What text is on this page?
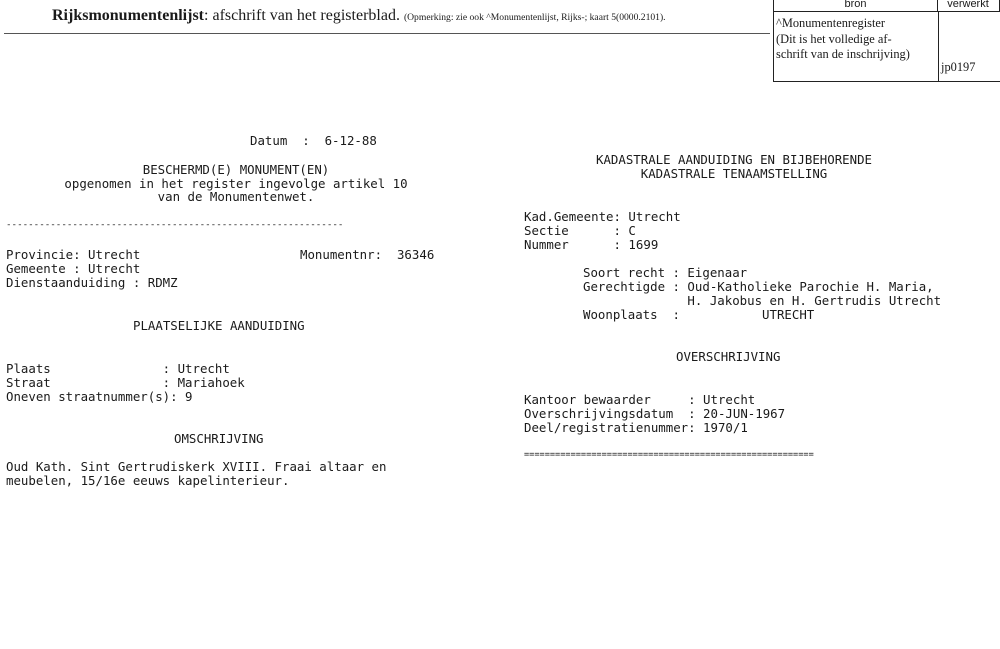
Rijksmonumentenlijst: afschrift van het registerblad. (Opmerking: zie ook ^Monumentenlijst, Rijks-; kaart 5(0000.2101).
bron	verwerkt
^Monumentenregister
(Dit is het volledige af-
schrift van de inschrijving)
jp0197
Datum  :  6-12-88
BESCHERMD(E) MONUMENT(EN)
opgenomen in het register ingevolge artikel 10
van de Monumentenwet.
-------------------------------------------------------------
Provincie: Utrecht	Monumentnr:  36346
Gemeente : Utrecht
Dienstaanduiding : RDMZ
PLAATSELIJKE AANDUIDING
Plaats               : Utrecht
Straat               : Mariahoek
Oneven straatnummer(s): 9
OMSCHRIJVING
Oud Kath. Sint Gertrudiskerk XVIII. Fraai altaar en
meubelen, 15/16e eeuws kapelinterieur.
KADASTRALE AANDUIDING EN BIJBEHORENDE
KADASTRALE TENAAMSTELLING
Kad.Gemeente: Utrecht
Sectie      : C
Nummer      : 1699
Soort recht : Eigenaar
Gerechtigde : Oud-Katholieke Parochie H. Maria,
H. Jakobus en H. Gertrudis Utrecht
Woonplaats  :           UTRECHT
OVERSCHRIJVING
Kantoor bewaarder     : Utrecht
Overschrijvingsdatum  : 20-JUN-1967
Deel/registratienummer: 1970/1
========================================================
